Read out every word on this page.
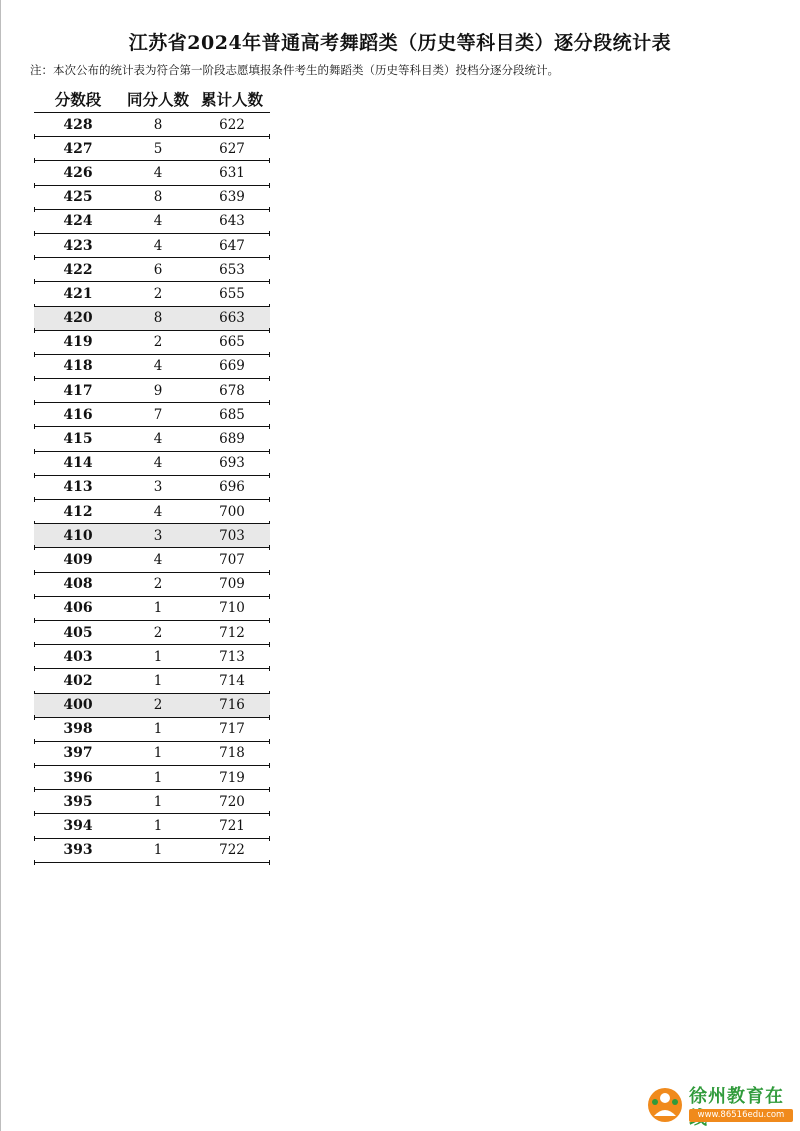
江苏省2024年普通高考舞蹈类（历史等科目类）逐分段统计表
注：本次公布的统计表为符合第一阶段志愿填报条件考生的舞蹈类（历史等科目类）投档分逐分段统计。
分数段	同分人数 累计人数
428	8	622
427	5	627
426	4	631
425	8	639
424	4	643
423	4	647
422	6	653
421	2	655
420	8	663
419	2	665
418	4	669
417	9	678
416	7	685
415	4	689
414	4	693
413	3	696
412	4	700
410	3	703
409	4	707
408	2	709
406	1	710
405	2	712
403	1	713
402	1	714
400	2	716
398	1	717
397	1	718
396	1	719
395	1	720
394	1	721
393	1	722
徐州教育在
www.86516edu.com
